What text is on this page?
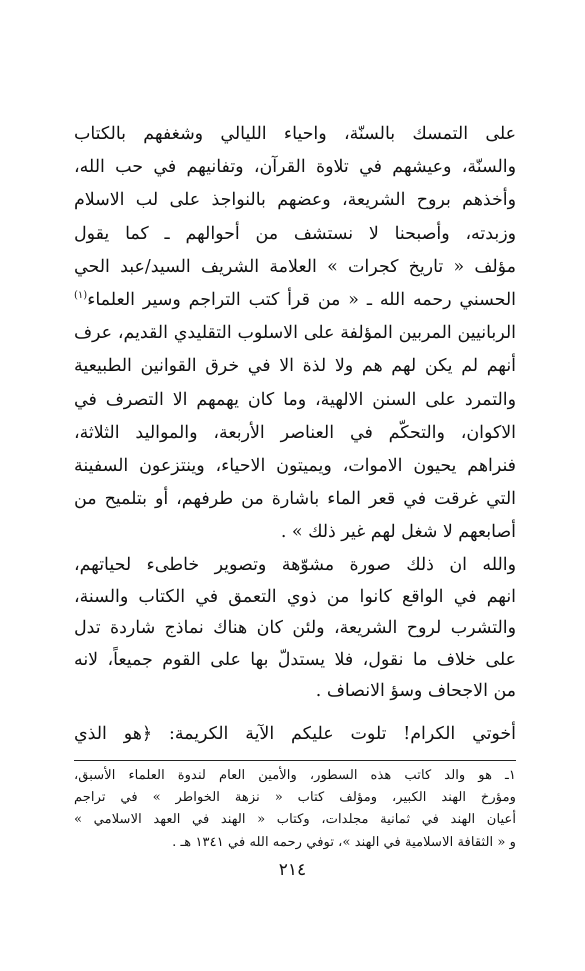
على التمسك بالسنّة، واحياء الليالي وشغفهم بالكتاب
والسنّة، وعيشهم في تلاوة القرآن، وتفانيهم في حب الله،
وأخذهم بروح الشريعة، وعضهم بالنواجذ على لب الاسلام
وزبدته، وأصبحنا لا نستشف من أحوالهم ـ كما يقول
مؤلف « تاريخ كجرات » العلامة الشريف السيد/عبد الحي
الحسني رحمه الله ـ « من قرأ كتب التراجم وسير العلماء$^{(١)}$
الربانيين المربين المؤلفة على الاسلوب التقليدي القديم، عرف
أنهم لم يكن لهم هم ولا لذة الا في خرق القوانين الطبيعية
والتمرد على السنن الالهية، وما كان يهمهم الا التصرف في
الاكوان، والتحكّم في العناصر الأربعة، والمواليد الثلاثة،
فنراهم يحيون الاموات، ويميتون الاحياء، وينتزعون السفينة
التي غرقت في قعر الماء باشارة من طرفهم، أو بتلميح من
أصابعهم لا شغل لهم غير ذلك » .
والله ان ذلك صورة مشوّهة وتصوير خاطىء لحياتهم،
انهم في الواقع كانوا من ذوي التعمق في الكتاب والسنة،
والتشرب لروح الشريعة، ولئن كان هناك نماذج شاردة تدل
على خلاف ما نقول، فلا يستدلّ بها على القوم جميعاً، لانه
من الاجحاف وسؤ الانصاف .
أخوتي الكرام! تلوت عليكم الآية الكريمة: ﴿هو الذي
١ـ هو والد كاتب هذه السطور، والأمين العام لندوة العلماء الأسبق،
ومؤرخ الهند الكبير، ومؤلف كتاب « نزهة الخواطر » في تراجم
أعيان الهند في ثمانية مجلدات، وكتاب « الهند في العهد الاسلامي »
و « الثقافة الاسلامية في الهند »، توفي رحمه الله في ١٣٤١ هـ .
٢١٤
